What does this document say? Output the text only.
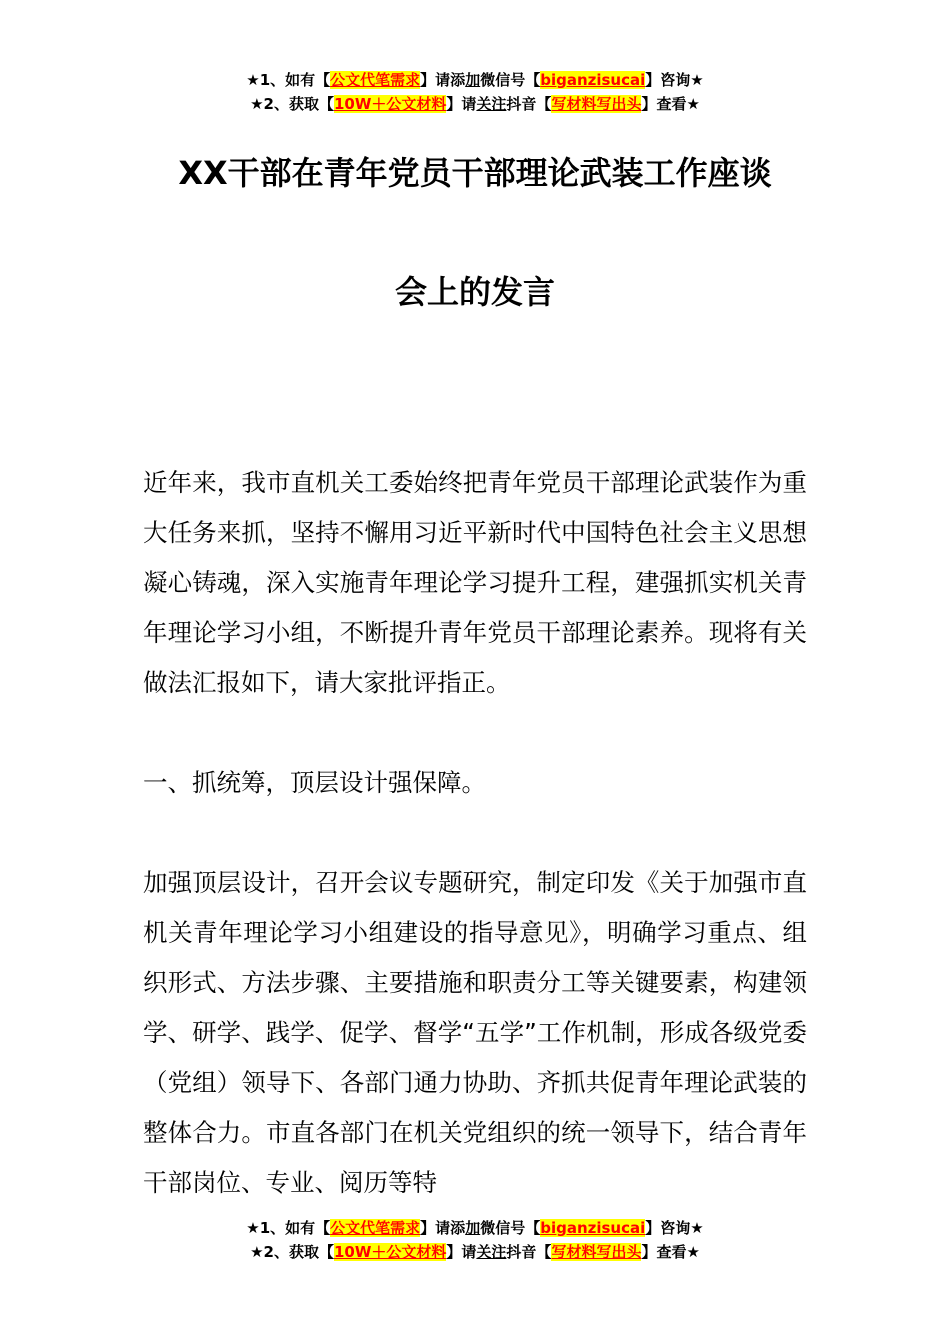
★1、如有【公文代笔需求】请添加微信号【biganzisucai】咨询★
★2、获取【10W＋公文材料】请关注抖音【写材料写出头】查看★
XX干部在青年党员干部理论武装工作座谈
会上的发言

近年来，我市直机关工委始终把青年党员干部理论武装作为重大任务来抓，坚持不懈用习近平新时代中国特色社会主义思想凝心铸魂，深入实施青年理论学习提升工程，建强抓实机关青年理论学习小组，不断提升青年党员干部理论素养。现将有关做法汇报如下，请大家批评指正。

一、抓统筹，顶层设计强保障。

加强顶层设计，召开会议专题研究，制定印发《关于加强市直机关青年理论学习小组建设的指导意见》，明确学习重点、组织形式、方法步骤、主要措施和职责分工等关键要素，构建领学、研学、践学、促学、督学“五学”工作机制，形成各级党委（党组）领导下、各部门通力协助、齐抓共促青年理论武装的整体合力。市直各部门在机关党组织的统一领导下，结合青年干部岗位、专业、阅历等特

★1、如有【公文代笔需求】请添加微信号【biganzisucai】咨询★
★2、获取【10W＋公文材料】请关注抖音【写材料写出头】查看★
